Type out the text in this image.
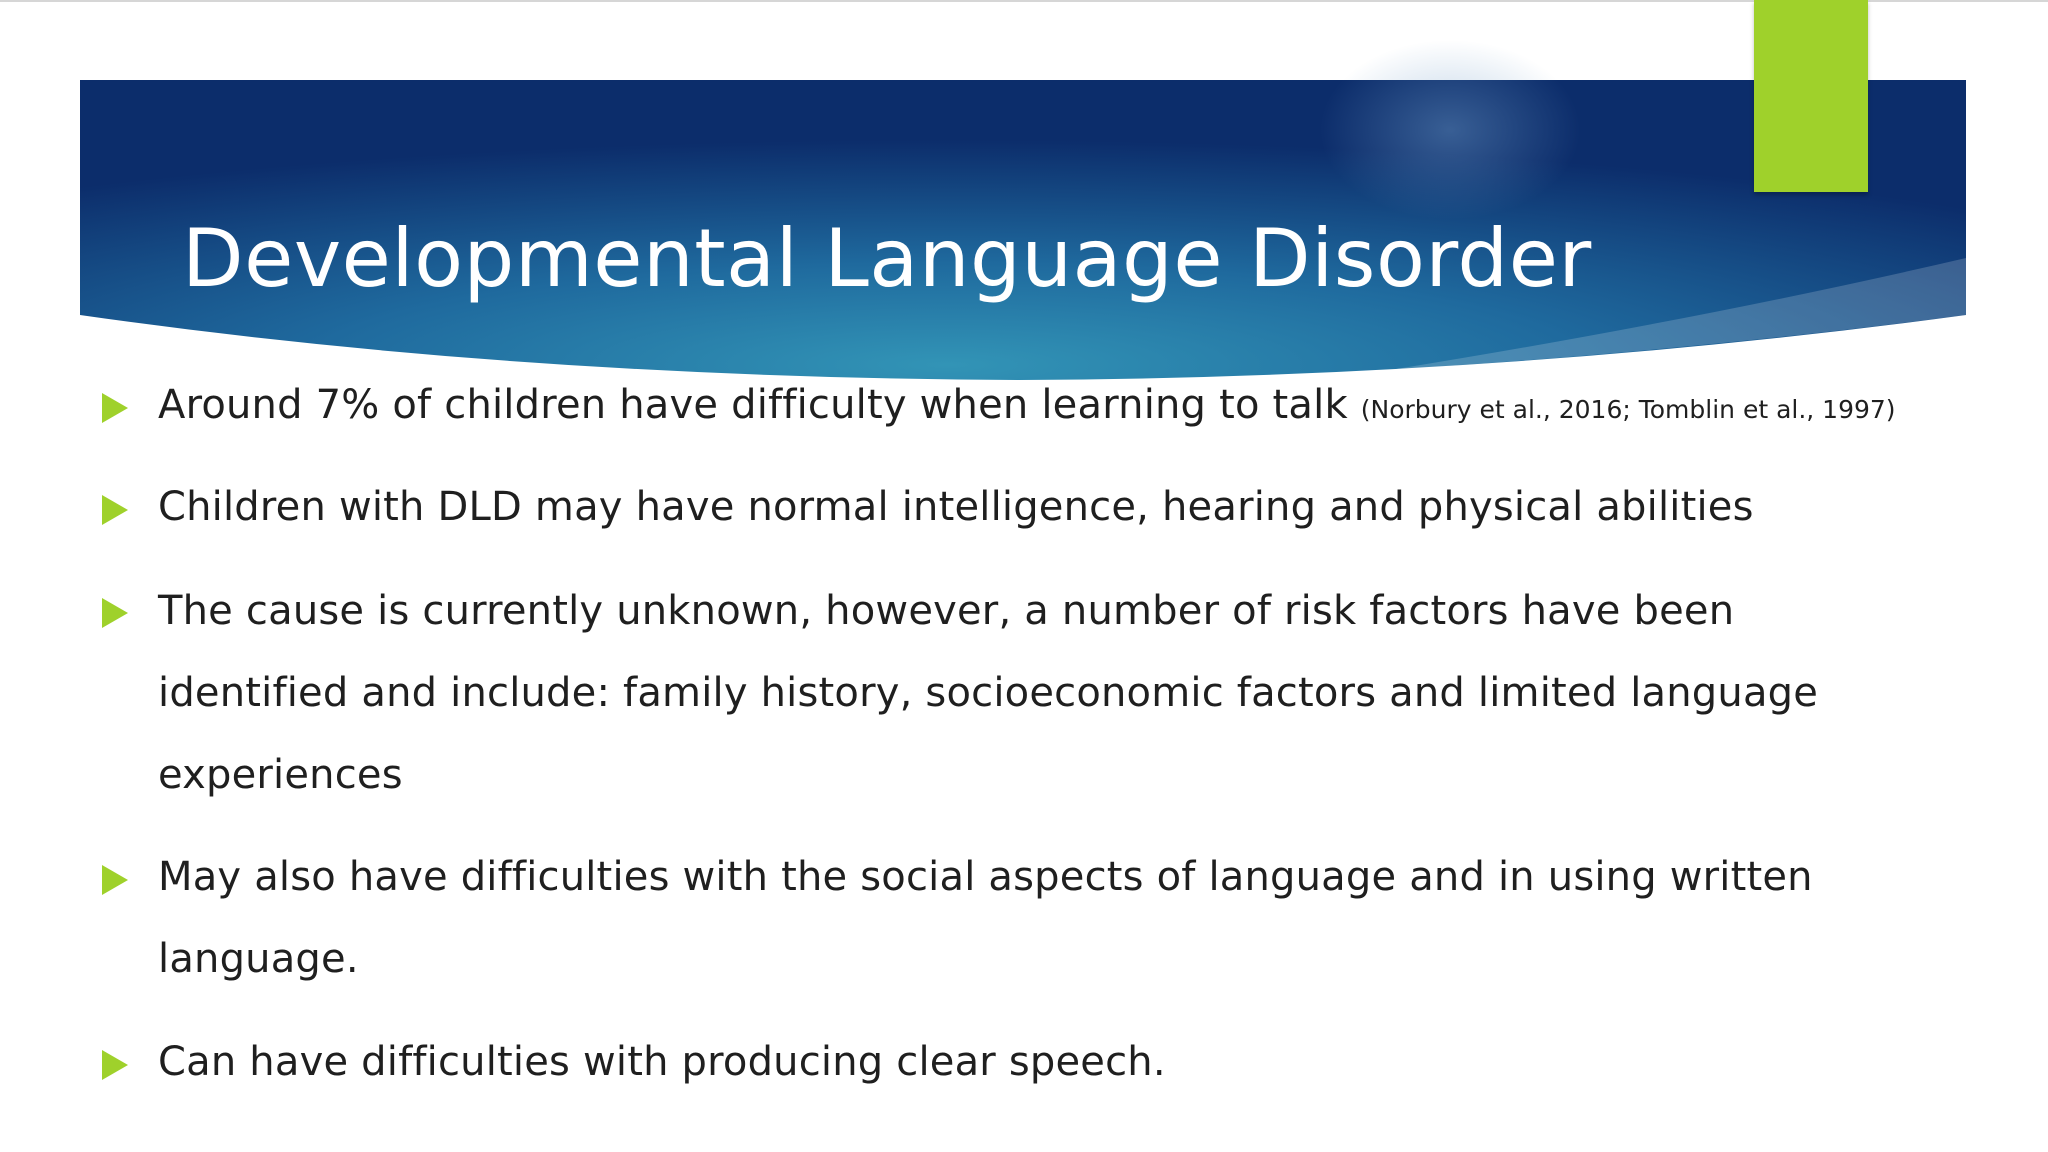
Developmental Language Disorder
Around 7% of children have difficulty when learning to talk (Norbury et al., 2016; Tomblin et al., 1997)
Children with DLD may have normal intelligence, hearing and physical abilities
The cause is currently unknown, however, a number of risk factors have been identified and include: family history, socioeconomic factors and limited language experiences
May also have difficulties with the social aspects of language and in using written language.
Can have difficulties with producing clear speech.
